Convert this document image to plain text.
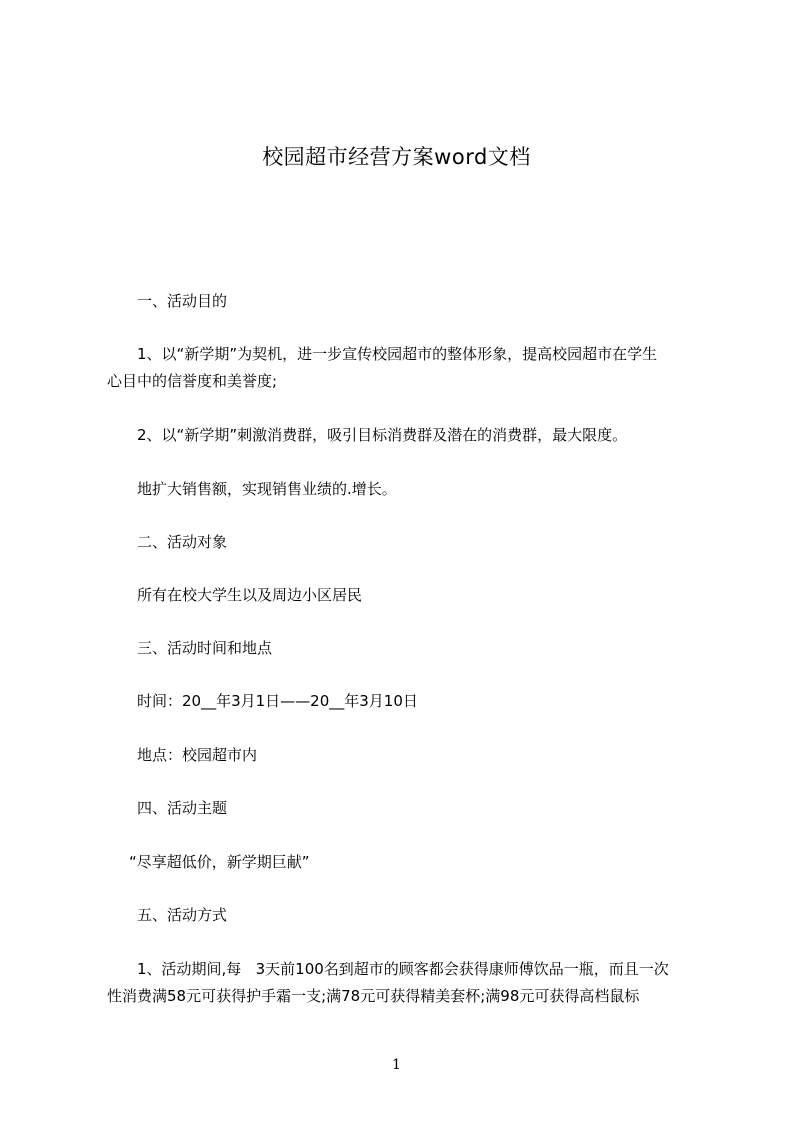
校园超市经营方案word文档
一、活动目的
1、以“新学期”为契机，进一步宣传校园超市的整体形象，提高校园超市在学生
心目中的信誉度和美誉度;
2、以“新学期”刺激消费群，吸引目标消费群及潜在的消费群，最大限度。
地扩大销售额，实现销售业绩的.增长。
二、活动对象
所有在校大学生以及周边小区居民
三、活动时间和地点
时间：20__年3月1日——20__年3月10日
地点：校园超市内
四、活动主题
“尽享超低价，新学期巨献”
五、活动方式
1、活动期间,每   3天前100名到超市的顾客都会获得康师傅饮品一瓶，而且一次
性消费满58元可获得护手霜一支;满78元可获得精美套杯;满98元可获得高档鼠标
1
